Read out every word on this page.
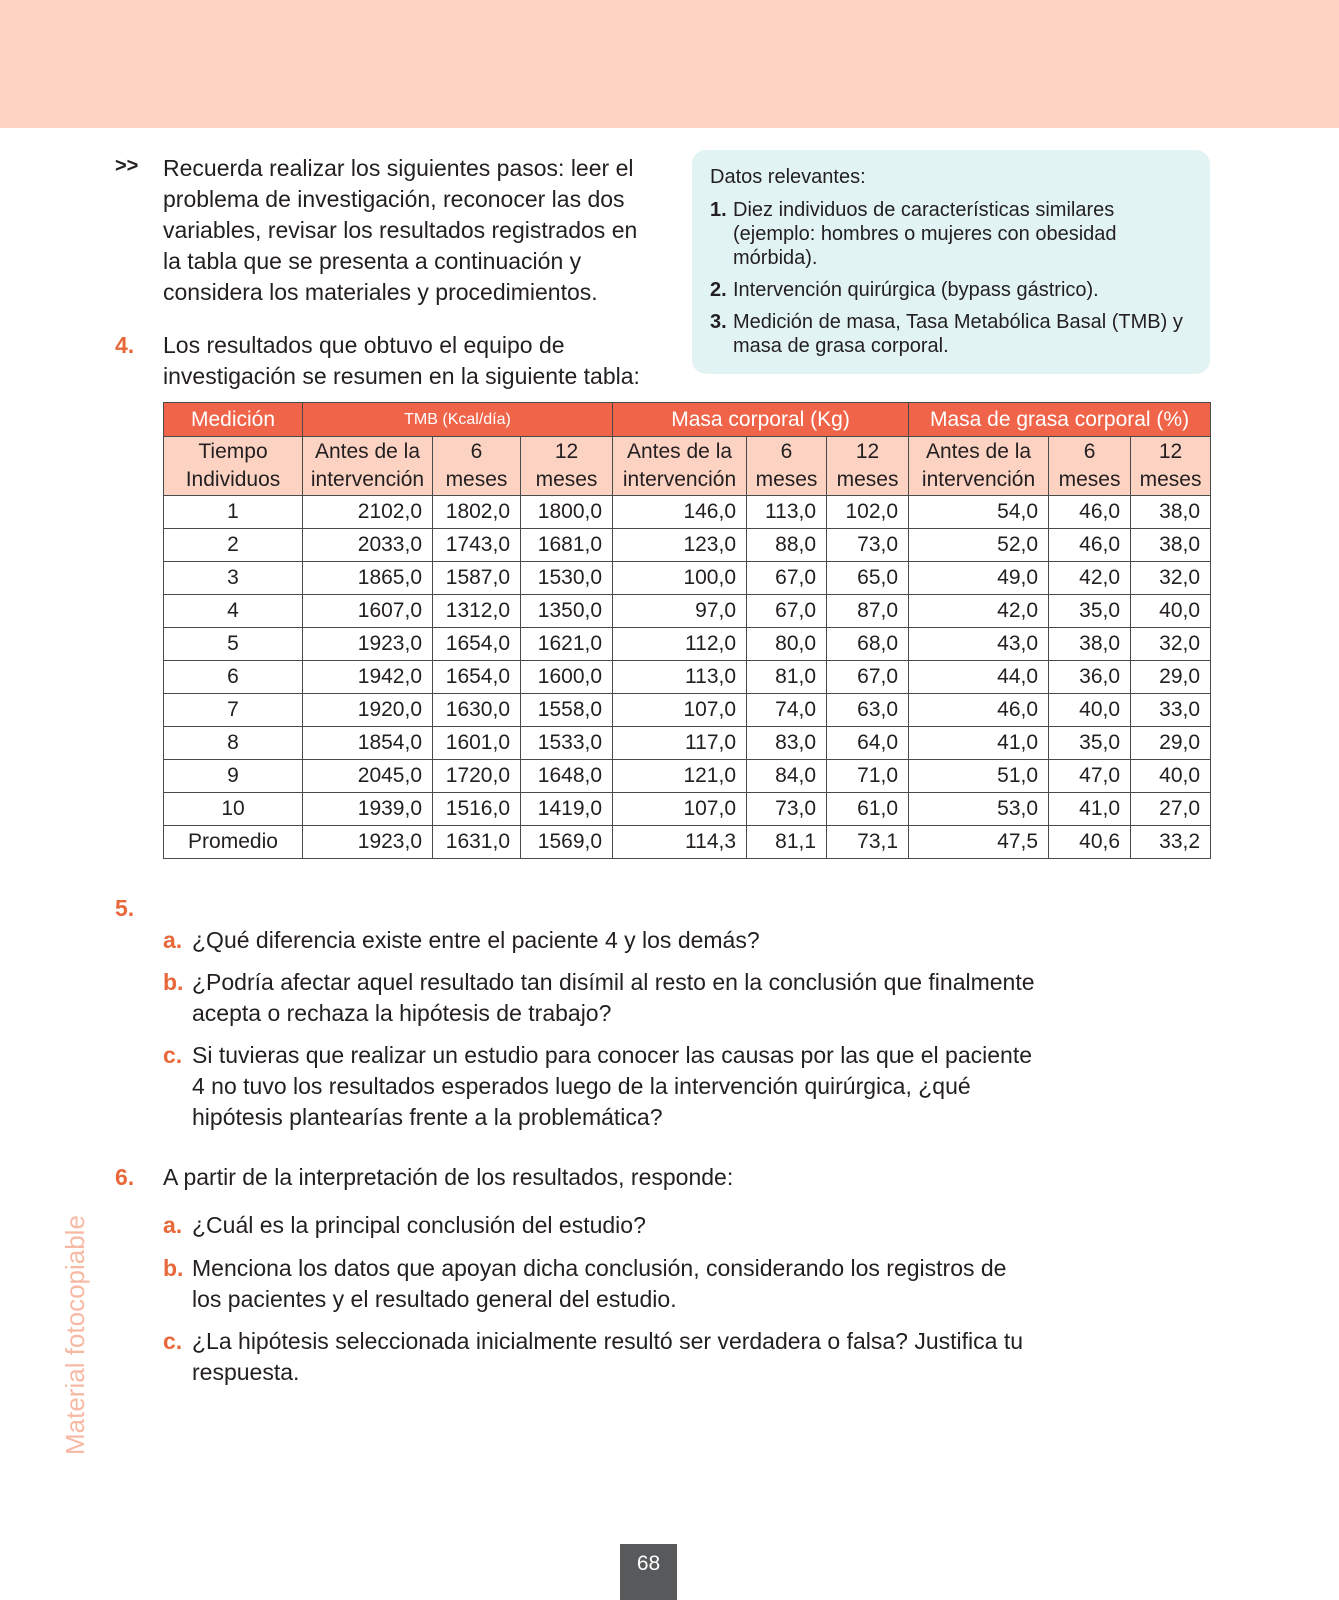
>> Recuerda realizar los siguientes pasos: leer el problema de investigación, reconocer las dos variables, revisar los resultados registrados en la tabla que se presenta a continuación y considera los materiales y procedimientos.
4. Los resultados que obtuvo el equipo de investigación se resumen en la siguiente tabla:
Datos relevantes:
1. Diez individuos de características similares (ejemplo: hombres o mujeres con obesidad mórbida).
2. Intervención quirúrgica (bypass gástrico).
3. Medición de masa, Tasa Metabólica Basal (TMB) y masa de grasa corporal.
Medición	TMB (Kcal/día)			Masa corporal (Kg)			Masa de grasa corporal (%)		
Tiempo Individuos	Antes de la intervención	6 meses	12 meses	Antes de la intervención	6 meses	12 meses	Antes de la intervención	6 meses	12 meses
1	2102,0	1802,0	1800,0	146,0	113,0	102,0	54,0	46,0	38,0
2	2033,0	1743,0	1681,0	123,0	88,0	73,0	52,0	46,0	38,0
3	1865,0	1587,0	1530,0	100,0	67,0	65,0	49,0	42,0	32,0
4	1607,0	1312,0	1350,0	97,0	67,0	87,0	42,0	35,0	40,0
5	1923,0	1654,0	1621,0	112,0	80,0	68,0	43,0	38,0	32,0
6	1942,0	1654,0	1600,0	113,0	81,0	67,0	44,0	36,0	29,0
7	1920,0	1630,0	1558,0	107,0	74,0	63,0	46,0	40,0	33,0
8	1854,0	1601,0	1533,0	117,0	83,0	64,0	41,0	35,0	29,0
9	2045,0	1720,0	1648,0	121,0	84,0	71,0	51,0	47,0	40,0
10	1939,0	1516,0	1419,0	107,0	73,0	61,0	53,0	41,0	27,0
Promedio	1923,0	1631,0	1569,0	114,3	81,1	73,1	47,5	40,6	33,2
5.
a. ¿Qué diferencia existe entre el paciente 4 y los demás?
b. ¿Podría afectar aquel resultado tan disímil al resto en la conclusión que finalmente acepta o rechaza la hipótesis de trabajo?
c. Si tuvieras que realizar un estudio para conocer las causas por las que el paciente 4 no tuvo los resultados esperados luego de la intervención quirúrgica, ¿qué hipótesis plantearías frente a la problemática?
6. A partir de la interpretación de los resultados, responde:
a. ¿Cuál es la principal conclusión del estudio?
b. Menciona los datos que apoyan dicha conclusión, considerando los registros de los pacientes y el resultado general del estudio.
c. ¿La hipótesis seleccionada inicialmente resultó ser verdadera o falsa? Justifica tu respuesta.
Material fotocopiable
68
